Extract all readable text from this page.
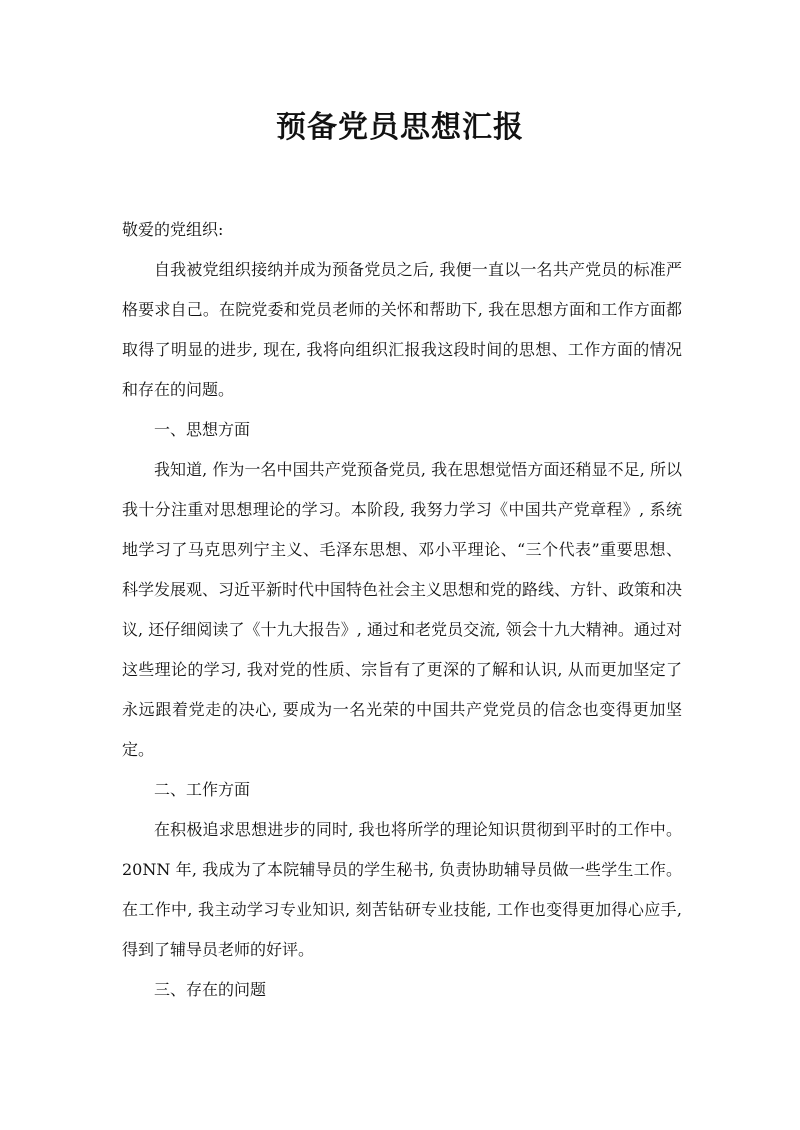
预备党员思想汇报

敬爱的党组织:

自我被党组织接纳并成为预备党员之后, 我便一直以一名共产党员的标准严格要求自己。在院党委和党员老师的关怀和帮助下, 我在思想方面和工作方面都取得了明显的进步, 现在, 我将向组织汇报我这段时间的思想、工作方面的情况和存在的问题。

一、思想方面

我知道, 作为一名中国共产党预备党员, 我在思想觉悟方面还稍显不足, 所以我十分注重对思想理论的学习。本阶段, 我努力学习《中国共产党章程》, 系统地学习了马克思列宁主义、毛泽东思想、邓小平理论、“三个代表”重要思想、科学发展观、习近平新时代中国特色社会主义思想和党的路线、方针、政策和决议, 还仔细阅读了《十九大报告》, 通过和老党员交流, 领会十九大精神。通过对这些理论的学习, 我对党的性质、宗旨有了更深的了解和认识, 从而更加坚定了永远跟着党走的决心, 要成为一名光荣的中国共产党党员的信念也变得更加坚定。

二、工作方面

在积极追求思想进步的同时, 我也将所学的理论知识贯彻到平时的工作中。20NN 年, 我成为了本院辅导员的学生秘书, 负责协助辅导员做一些学生工作。在工作中, 我主动学习专业知识, 刻苦钻研专业技能, 工作也变得更加得心应手, 得到了辅导员老师的好评。

三、存在的问题
